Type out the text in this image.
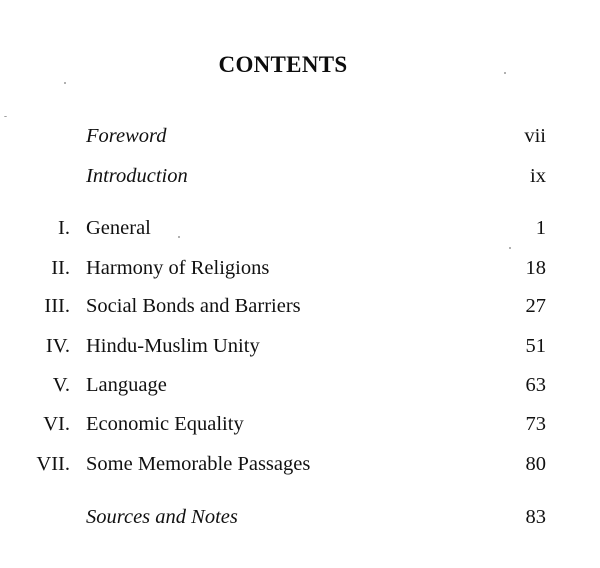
CONTENTS
Foreword	vii
Introduction	ix
I. General	1
II. Harmony of Religions	18
III. Social Bonds and Barriers	27
IV. Hindu-Muslim Unity	51
V. Language	63
VI. Economic Equality	73
VII. Some Memorable Passages	80
Sources and Notes	83
